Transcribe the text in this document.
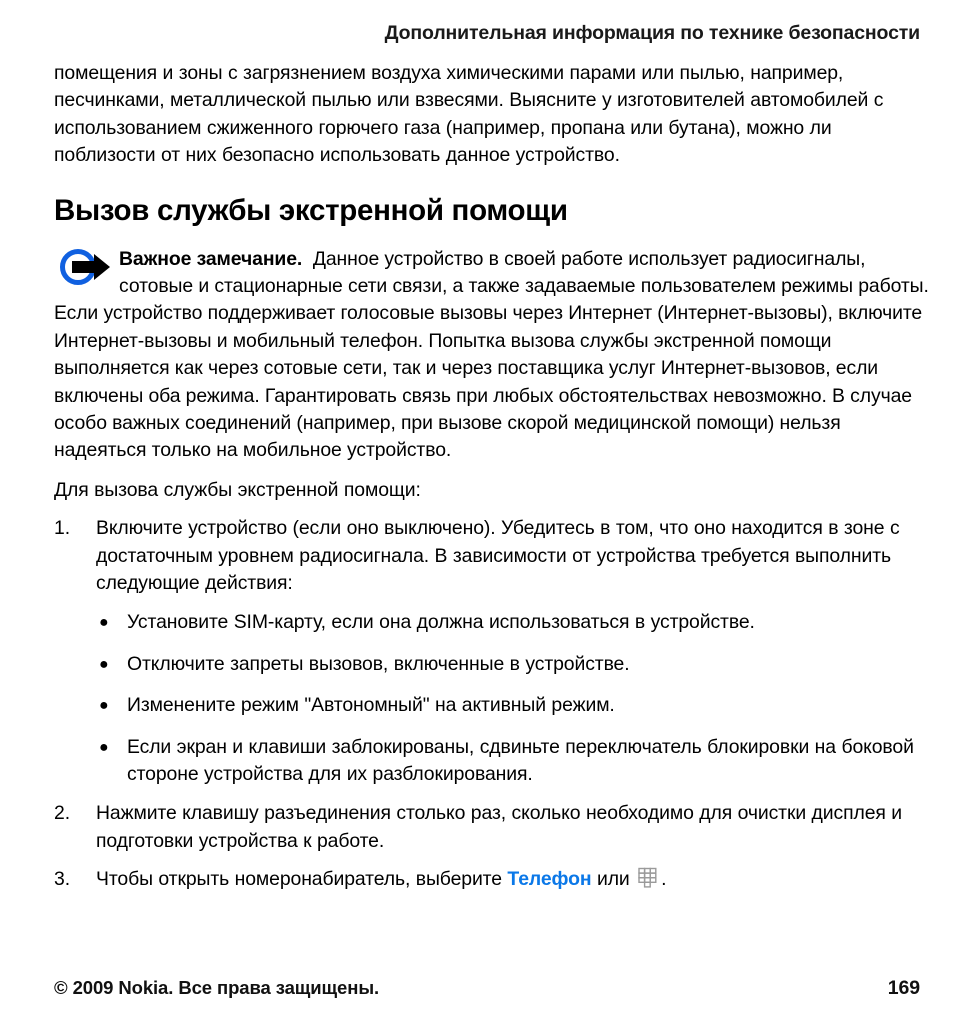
Дополнительная информация по технике безопасности

помещения и зоны с загрязнением воздуха химическими парами или пылью, например, песчинками, металлической пылью или взвесями. Выясните у изготовителей автомобилей с использованием сжиженного горючего газа (например, пропана или бутана), можно ли поблизости от них безопасно использовать данное устройство.

Вызов службы экстренной помощи

Важное замечание. Данное устройство в своей работе использует радиосигналы, сотовые и стационарные сети связи, а также задаваемые пользователем режимы работы. Если устройство поддерживает голосовые вызовы через Интернет (Интернет-вызовы), включите Интернет-вызовы и мобильный телефон. Попытка вызова службы экстренной помощи выполняется как через сотовые сети, так и через поставщика услуг Интернет-вызовов, если включены оба режима. Гарантировать связь при любых обстоятельствах невозможно. В случае особо важных соединений (например, при вызове скорой медицинской помощи) нельзя надеяться только на мобильное устройство.

Для вызова службы экстренной помощи:

1.	Включите устройство (если оно выключено). Убедитесь в том, что оно находится в зоне с достаточным уровнем радиосигнала. В зависимости от устройства требуется выполнить следующие действия:
● Установите SIM-карту, если она должна использоваться в устройстве.
● Отключите запреты вызовов, включенные в устройстве.
● Изменените режим "Автономный" на активный режим.
● Если экран и клавиши заблокированы, сдвиньте переключатель блокировки на боковой стороне устройства для их разблокирования.
2.	Нажмите клавишу разъединения столько раз, сколько необходимо для очистки дисплея и подготовки устройства к работе.
3.	Чтобы открыть номеронабиратель, выберите Телефон или .
© 2009 Nokia. Все права защищены.	169
